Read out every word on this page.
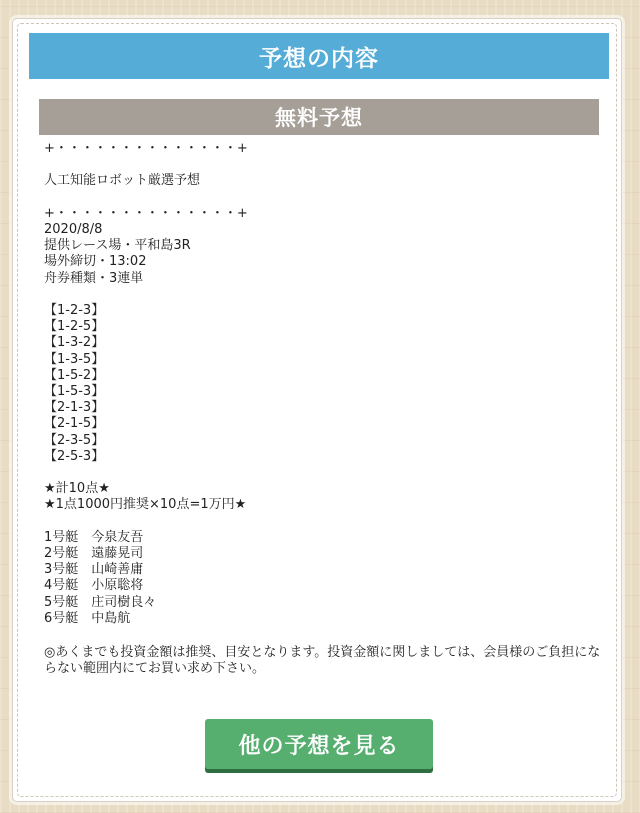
予想の内容
無料予想
+・・・・・・・・・・・・・・+
人工知能ロボット厳選予想
+・・・・・・・・・・・・・・+
2020/8/8
提供レース場・平和島3R
場外締切・13:02
舟券種類・3連単
【1-2-3】
【1-2-5】
【1-3-2】
【1-3-5】
【1-5-2】
【1-5-3】
【2-1-3】
【2-1-5】
【2-3-5】
【2-5-3】
★計10点★
★1点1000円推奨×10点=1万円★
1号艇　今泉友吾
2号艇　遠藤晃司
3号艇　山崎善庸
4号艇　小原聡将
5号艇　庄司樹良々
6号艇　中島航
◎あくまでも投資金額は推奨、目安となります。投資金額に関しましては、会員様のご負担にならない範囲内にてお買い求め下さい。
他の予想を見る
